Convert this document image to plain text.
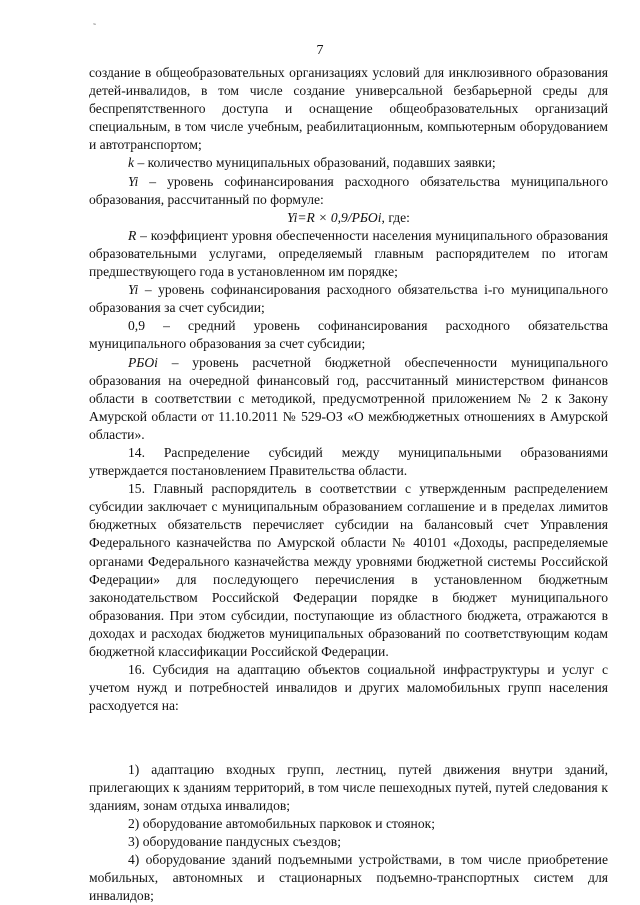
˜
7

создание в общеобразовательных организациях условий для инклюзивного образования детей-инвалидов, в том числе создание универсальной безбарьерной среды для беспрепятственного доступа и оснащение общеобразовательных организаций специальным, в том числе учебным, реабилитационным, компьютерным оборудованием и автотранспортом;

k – количество муниципальных образований, подавших заявки;

Yi – уровень софинансирования расходного обязательства муниципального образования, рассчитанный по формуле:

Yi=R × 0,9/РБОi, где:

R – коэффициент уровня обеспеченности населения муниципального образования образовательными услугами, определяемый главным распорядителем по итогам предшествующего года в установленном им порядке;

Yi – уровень софинансирования расходного обязательства i-го муниципального образования за счет субсидии;

0,9 – средний уровень софинансирования расходного обязательства муниципального образования за счет субсидии;

РБОi – уровень расчетной бюджетной обеспеченности муниципального образования на очередной финансовый год, рассчитанный министерством финансов области в соответствии с методикой, предусмотренной приложением № 2 к Закону Амурской области от 11.10.2011 № 529-ОЗ «О межбюджетных отношениях в Амурской области».

14. Распределение субсидий между муниципальными образованиями утверждается постановлением Правительства области.

15. Главный распорядитель в соответствии с утвержденным распределением субсидии заключает с муниципальным образованием соглашение и в пределах лимитов бюджетных обязательств перечисляет субсидии на балансовый счет Управления Федерального казначейства по Амурской области № 40101 «Доходы, распределяемые органами Федерального казначейства между уровнями бюджетной системы Российской Федерации» для последующего перечисления в установленном бюджетным законодательством Российской Федерации порядке в бюджет муниципального образования. При этом субсидии, поступающие из областного бюджета, отражаются в доходах и расходах бюджетов муниципальных образований по соответствующим кодам бюджетной классификации Российской Федерации.

16. Субсидия на адаптацию объектов социальной инфраструктуры и услуг с учетом нужд и потребностей инвалидов и других маломобильных групп населения расходуется на:

1) адаптацию входных групп, лестниц, путей движения внутри зданий, прилегающих к зданиям территорий, в том числе пешеходных путей, путей следования к зданиям, зонам отдыха инвалидов;

2) оборудование автомобильных парковок и стоянок;

3) оборудование пандусных съездов;

4) оборудование зданий подъемными устройствами, в том числе приобретение мобильных, автономных и стационарных подъемно-транспортных систем для инвалидов;
